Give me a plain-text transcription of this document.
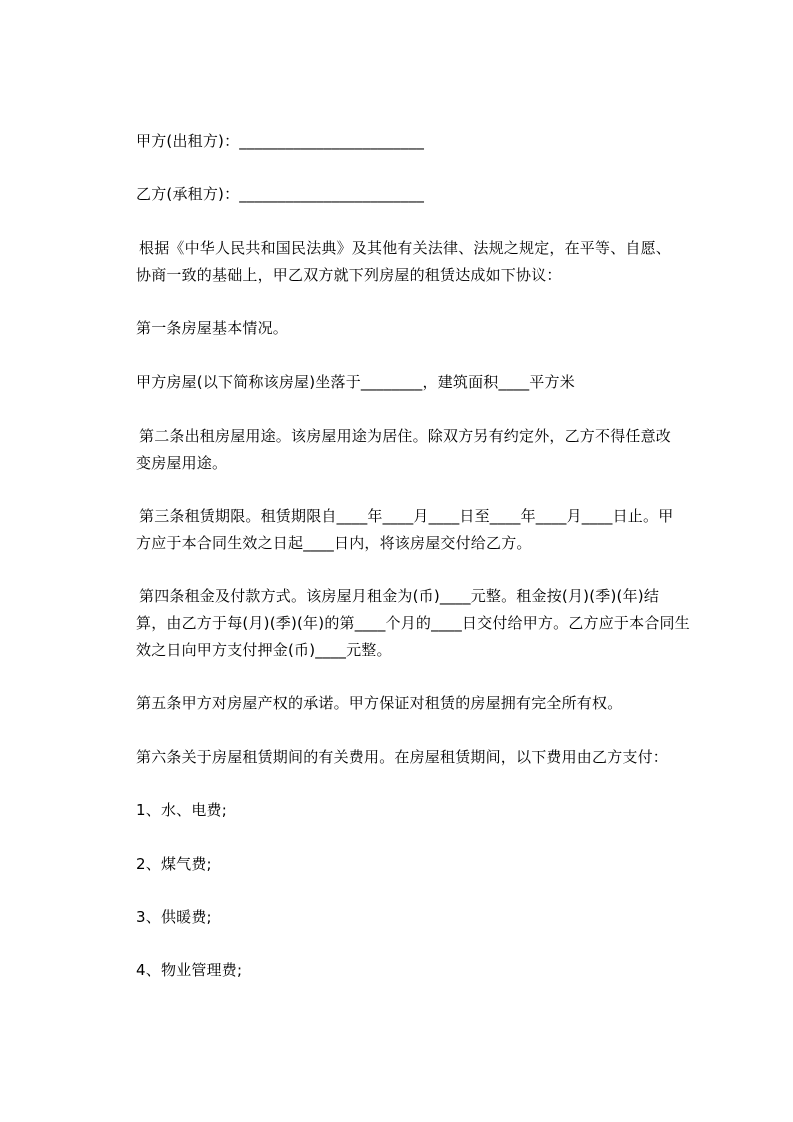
甲方(出租方)：________________________

乙方(承租方)：________________________

根据《中华人民共和国民法典》及其他有关法律、法规之规定，在平等、自愿、

协商一致的基础上，甲乙双方就下列房屋的租赁达成如下协议：

第一条房屋基本情况。

甲方房屋(以下简称该房屋)坐落于________，建筑面积____平方米

第二条出租房屋用途。该房屋用途为居住。除双方另有约定外，乙方不得任意改

变房屋用途。

第三条租赁期限。租赁期限自____年____月____日至____年____月____日止。甲

方应于本合同生效之日起____日内，将该房屋交付给乙方。

第四条租金及付款方式。该房屋月租金为(币)____元整。租金按(月)(季)(年)结

算，由乙方于每(月)(季)(年)的第____个月的____日交付给甲方。乙方应于本合同生

效之日向甲方支付押金(币)____元整。

第五条甲方对房屋产权的承诺。甲方保证对租赁的房屋拥有完全所有权。

第六条关于房屋租赁期间的有关费用。在房屋租赁期间，以下费用由乙方支付：

1、水、电费;

2、煤气费;

3、供暖费;

4、物业管理费;
